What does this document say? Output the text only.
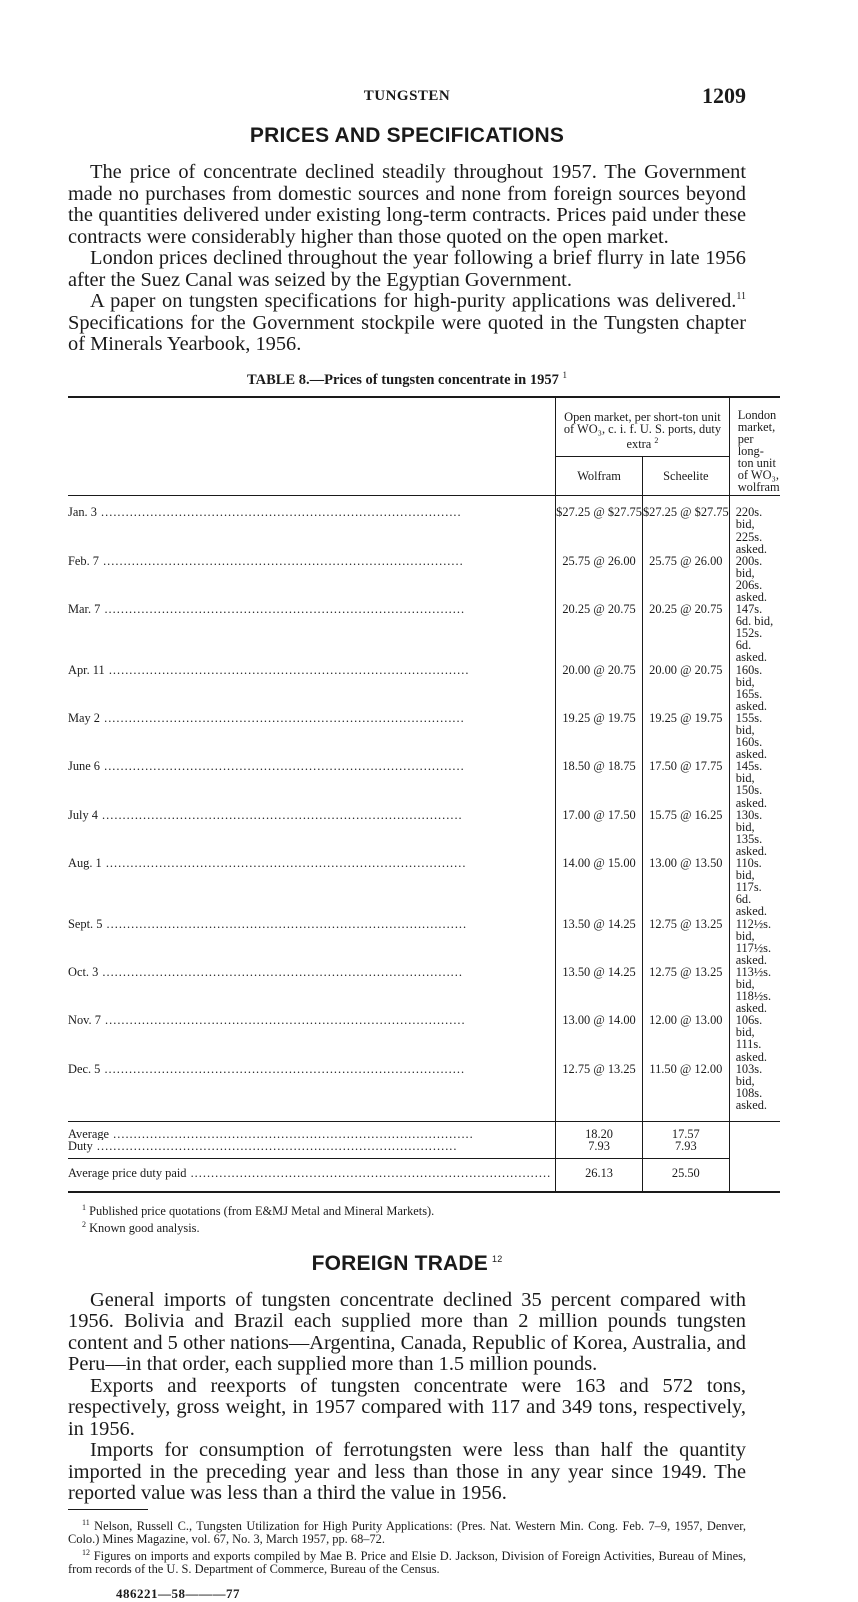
TUNGSTEN	1209
PRICES AND SPECIFICATIONS

The price of concentrate declined steadily throughout 1957. The Government made no purchases from domestic sources and none from foreign sources beyond the quantities delivered under existing long-term contracts. Prices paid under these contracts were considerably higher than those quoted on the open market.

London prices declined throughout the year following a brief flurry in late 1956 after the Suez Canal was seized by the Egyptian Government.

A paper on tungsten specifications for high-purity applications was delivered.$^{11}$ Specifications for the Government stockpile were quoted in the Tungsten chapter of Minerals Yearbook, 1956.

TABLE 8.—Prices of tungsten concentrate in 1957 $^1$
	Open market, per short-ton unit of WO₃, c. i. f. U. S. ports, duty extra $^2$		London market, per long-ton unit of WO₃, wolfram
	Wolfram	Scheelite	

Jan. 3 .....	$27.25 @ $27.75	$27.25 @ $27.75	220s. bid, 225s. asked.
Feb. 7 .....	25.75 @ 26.00	25.75 @ 26.00	200s. bid, 206s. asked.
Mar. 7 .....	20.25 @ 20.75	20.25 @ 20.75	147s. 6d. bid, 152s. 6d. asked.
Apr. 11 .....	20.00 @ 20.75	20.00 @ 20.75	160s. bid, 165s. asked.
May 2 .....	19.25 @ 19.75	19.25 @ 19.75	155s. bid, 160s. asked.
June 6 .....	18.50 @ 18.75	17.50 @ 17.75	145s. bid, 150s. asked.
July 4 .....	17.00 @ 17.50	15.75 @ 16.25	130s. bid, 135s. asked.
Aug. 1 .....	14.00 @ 15.00	13.00 @ 13.50	110s. bid, 117s. 6d. asked.
Sept. 5 .....	13.50 @ 14.25	12.75 @ 13.25	112½s. bid, 117½s. asked.
Oct. 3 .....	13.50 @ 14.25	12.75 @ 13.25	113½s. bid, 118½s. asked.
Nov. 7 .....	13.00 @ 14.00	12.00 @ 13.00	106s. bid, 111s. asked.
Dec. 5 .....	12.75 @ 13.25	11.50 @ 12.00	103s. bid, 108s. asked.

Average .....	18.20	17.57	
Duty .....	7.93	7.93	
Average price duty paid .....	26.13	25.50	
$^1$ Published price quotations (from E&MJ Metal and Mineral Markets).
$^2$ Known good analysis.
FOREIGN TRADE $^{12}$

General imports of tungsten concentrate declined 35 percent compared with 1956. Bolivia and Brazil each supplied more than 2 million pounds tungsten content and 5 other nations—Argentina, Canada, Republic of Korea, Australia, and Peru—in that order, each supplied more than 1.5 million pounds.

Exports and reexports of tungsten concentrate were 163 and 572 tons, respectively, gross weight, in 1957 compared with 117 and 349 tons, respectively, in 1956.

Imports for consumption of ferrotungsten were less than half the quantity imported in the preceding year and less than those in any year since 1949. The reported value was less than a third the value in 1956.

$^{11}$ Nelson, Russell C., Tungsten Utilization for High Purity Applications: (Pres. Nat. Western Min. Cong. Feb. 7–9, 1957, Denver, Colo.) Mines Magazine, vol. 67, No. 3, March 1957, pp. 68–72.

$^{12}$ Figures on imports and exports compiled by Mae B. Price and Elsie D. Jackson, Division of Foreign Activities, Bureau of Mines, from records of the U. S. Department of Commerce, Bureau of the Census.

486221—58———77
